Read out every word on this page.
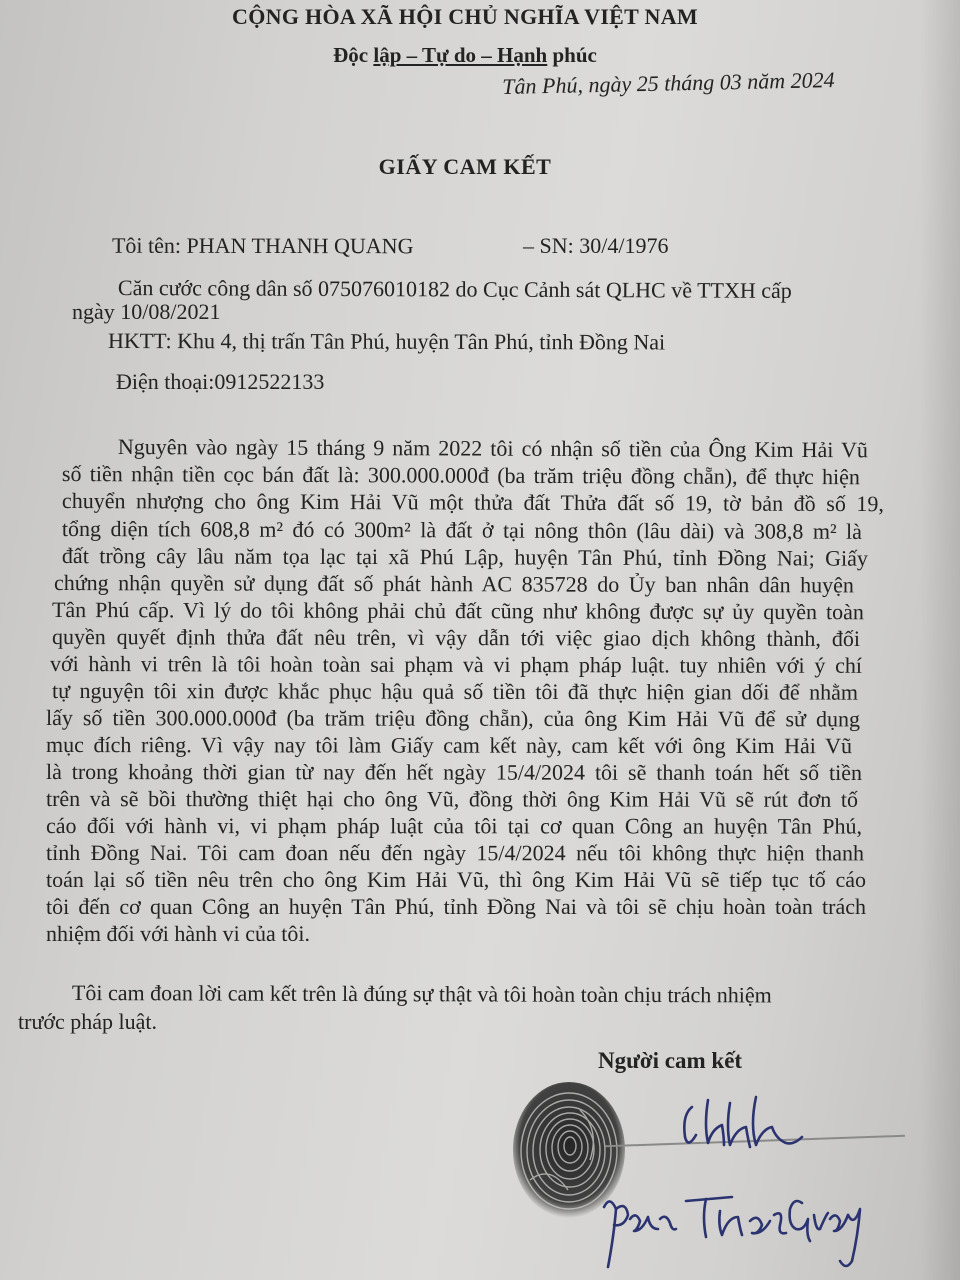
CỘNG HÒA XÃ HỘI CHỦ NGHĨA VIỆT NAM
Độc lập – Tự do – Hạnh phúc
Tân Phú, ngày 25 tháng 03 năm 2024
GIẤY CAM KẾT
Tôi tên: PHAN THANH QUANG	– SN: 30/4/1976
Căn cước công dân số 075076010182 do Cục Cảnh sát QLHC về TTXH cấp
ngày 10/08/2021
HKTT: Khu 4, thị trấn Tân Phú, huyện Tân Phú, tỉnh Đồng Nai
Điện thoại:0912522133
Nguyên vào ngày 15 tháng 9 năm 2022 tôi có nhận số tiền của Ông Kim Hải Vũ
số tiền nhận tiền cọc bán đất là: 300.000.000đ (ba trăm triệu đồng chẵn), để thực hiện
chuyển nhượng cho ông Kim Hải Vũ một thửa đất Thửa đất số 19, tờ bản đồ số 19,
tổng diện tích 608,8 m² đó có 300m² là đất ở tại nông thôn (lâu dài) và 308,8 m² là
đất trồng cây lâu năm tọa lạc tại xã Phú Lập, huyện Tân Phú, tỉnh Đồng Nai; Giấy
chứng nhận quyền sử dụng đất số phát hành AC 835728 do Ủy ban nhân dân huyện
Tân Phú cấp. Vì lý do tôi không phải chủ đất cũng như không được sự ủy quyền toàn
quyền quyết định thửa đất nêu trên, vì vậy dẫn tới việc giao dịch không thành, đối
với hành vi trên là tôi hoàn toàn sai phạm và vi phạm pháp luật. tuy nhiên với ý chí
tự nguyện tôi xin được khắc phục hậu quả số tiền tôi đã thực hiện gian dối để nhằm
lấy số tiền 300.000.000đ (ba trăm triệu đồng chẵn), của ông Kim Hải Vũ để sử dụng
mục đích riêng. Vì vậy nay tôi làm Giấy cam kết này, cam kết với ông Kim Hải Vũ
là trong khoảng thời gian từ nay đến hết ngày 15/4/2024 tôi sẽ thanh toán hết số tiền
trên và sẽ bồi thường thiệt hại cho ông Vũ, đồng thời ông Kim Hải Vũ sẽ rút đơn tố
cáo đối với hành vi, vi phạm pháp luật của tôi tại cơ quan Công an huyện Tân Phú,
tỉnh Đồng Nai. Tôi cam đoan nếu đến ngày 15/4/2024 nếu tôi không thực hiện thanh
toán lại số tiền nêu trên cho ông Kim Hải Vũ, thì ông Kim Hải Vũ sẽ tiếp tục tố cáo
tôi đến cơ quan Công an huyện Tân Phú, tỉnh Đồng Nai và tôi sẽ chịu hoàn toàn trách
nhiệm đối với hành vi của tôi.
Tôi cam đoan lời cam kết trên là đúng sự thật và tôi hoàn toàn chịu trách nhiệm
trước pháp luật.
Người cam kết
